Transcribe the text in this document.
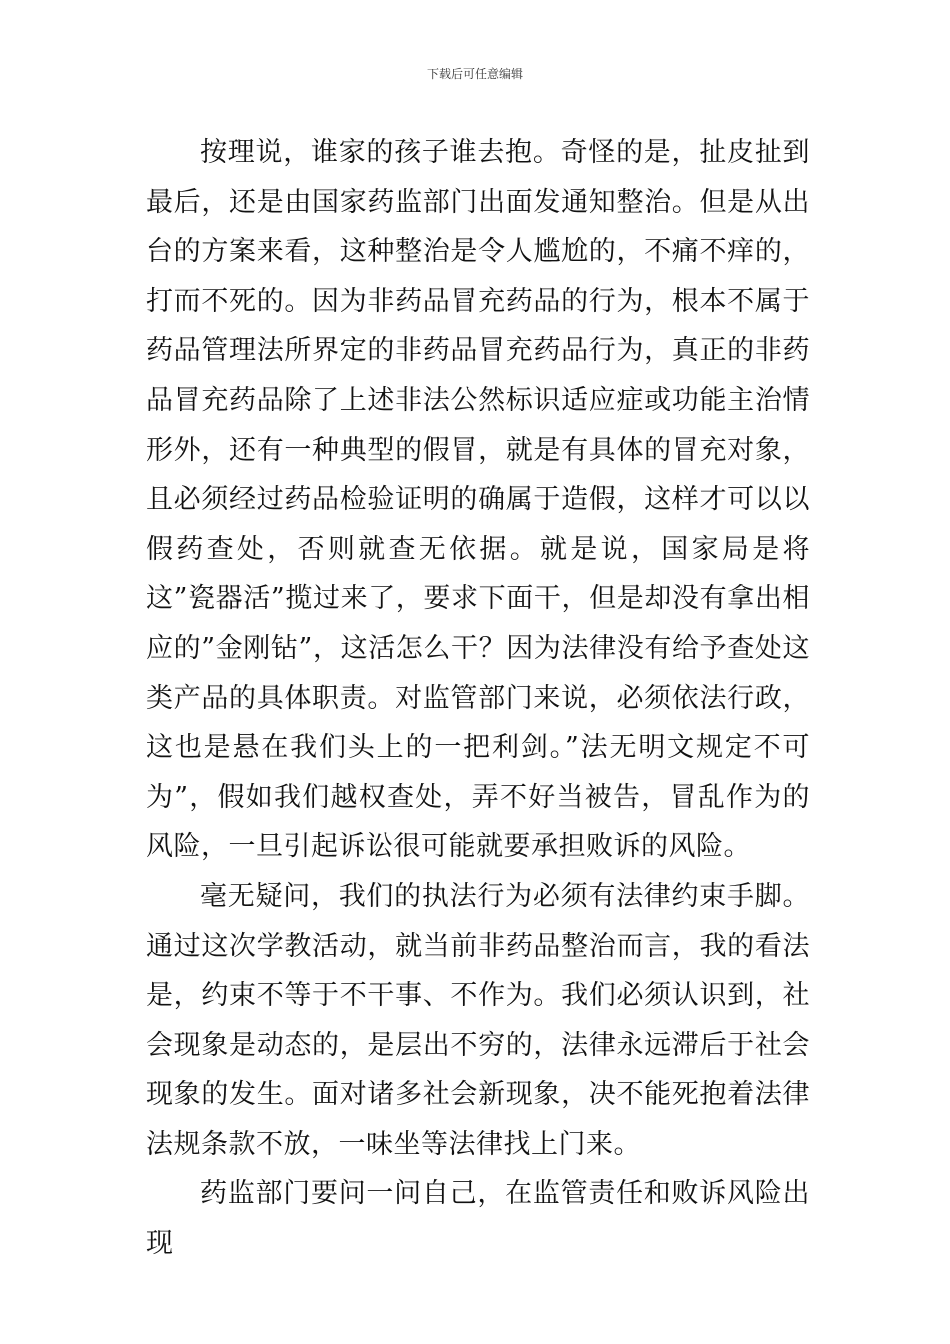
下载后可任意编辑

按理说，谁家的孩子谁去抱。奇怪的是，扯皮扯到最后，还是由国家药监部门出面发通知整治。但是从出台的方案来看，这种整治是令人尴尬的，不痛不痒的，打而不死的。因为非药品冒充药品的行为，根本不属于药品管理法所界定的非药品冒充药品行为，真正的非药品冒充药品除了上述非法公然标识适应症或功能主治情形外，还有一种典型的假冒，就是有具体的冒充对象，且必须经过药品检验证明的确属于造假，这样才可以以假药查处，否则就查无依据。就是说，国家局是将这”瓷器活”揽过来了，要求下面干，但是却没有拿出相应的”金刚钻”，这活怎么干？因为法律没有给予查处这类产品的具体职责。对监管部门来说，必须依法行政，这也是悬在我们头上的一把利剑。”法无明文规定不可为”，假如我们越权查处，弄不好当被告，冒乱作为的风险，一旦引起诉讼很可能就要承担败诉的风险。

毫无疑问，我们的执法行为必须有法律约束手脚。通过这次学教活动，就当前非药品整治而言，我的看法是，约束不等于不干事、不作为。我们必须认识到，社会现象是动态的，是层出不穷的，法律永远滞后于社会现象的发生。面对诸多社会新现象，决不能死抱着法律法规条款不放，一味坐等法律找上门来。

药监部门要问一问自己，在监管责任和败诉风险出现
